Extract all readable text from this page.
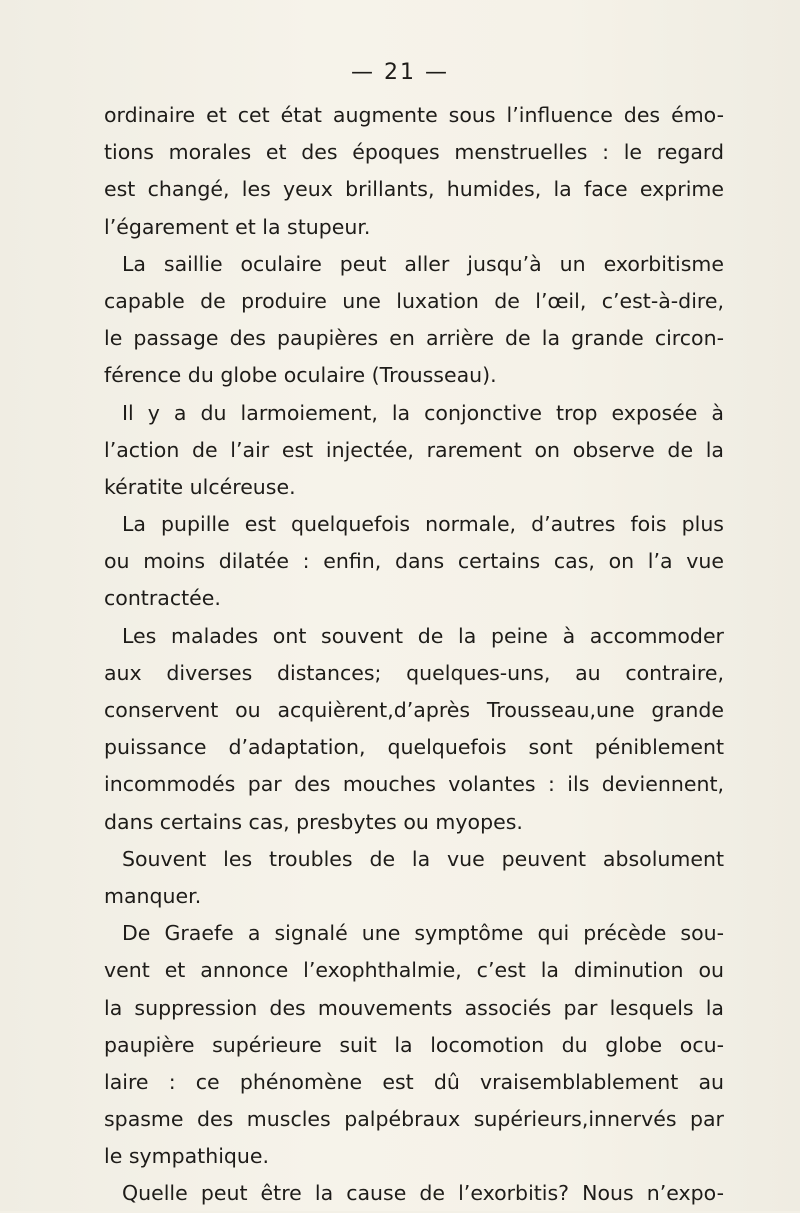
— 21 —
ordinaire et cet état augmente sous l’influence des émo-
tions morales et des époques menstruelles : le regard
est changé, les yeux brillants, humides, la face exprime
l’égarement et la stupeur.
La saillie oculaire peut aller jusqu’à un exorbitisme
capable de produire une luxation de l’œil, c’est-à-dire,
le passage des paupières en arrière de la grande circon-
férence du globe oculaire (Trousseau).
Il y a du larmoiement, la conjonctive trop exposée à
l’action de l’air est injectée, rarement on observe de la
kératite ulcéreuse.
La pupille est quelquefois normale, d’autres fois plus
ou moins dilatée : enfin, dans certains cas, on l’a vue
contractée.
Les malades ont souvent de la peine à accommoder
aux diverses distances; quelques-uns, au contraire,
conservent ou acquièrent,d’après Trousseau,une grande
puissance d’adaptation, quelquefois sont péniblement
incommodés par des mouches volantes : ils deviennent,
dans certains cas, presbytes ou myopes.
Souvent les troubles de la vue peuvent absolument
manquer.
De Graefe a signalé une symptôme qui précède sou-
vent et annonce l’exophthalmie, c’est la diminution ou
la suppression des mouvements associés par lesquels la
paupière supérieure suit la locomotion du globe ocu-
laire : ce phénomène est dû vraisemblablement au
spasme des muscles palpébraux supérieurs,innervés par
le sympathique.
Quelle peut être la cause de l’exorbitis? Nous n’expo-
